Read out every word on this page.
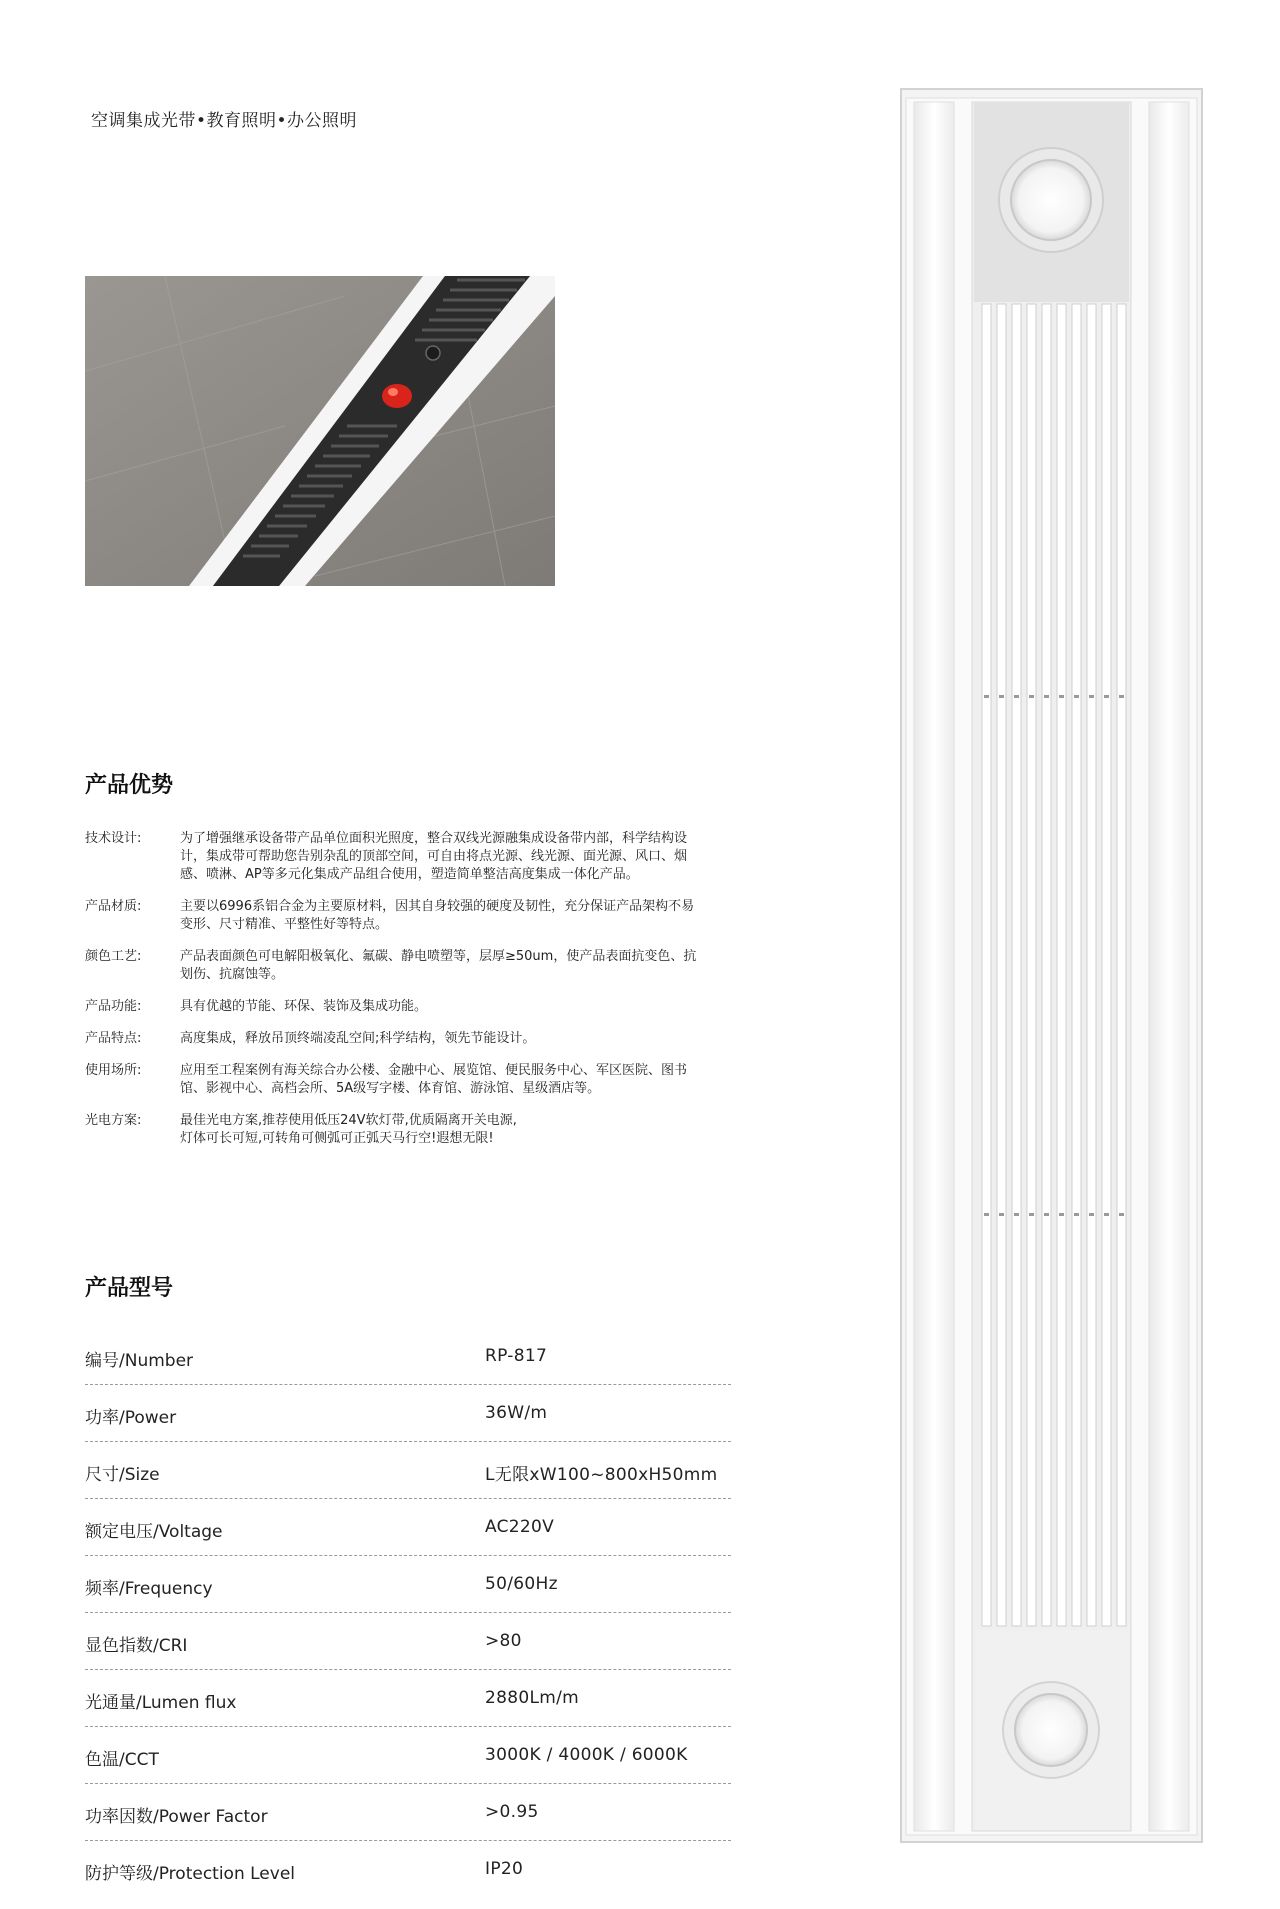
空调集成光带•教育照明•办公照明
产品优势
技术设计:	为了增强继承设备带产品单位面积光照度，整合双线光源融集成设备带内部，科学结构设
计，集成带可帮助您告别杂乱的顶部空间，可自由将点光源、线光源、面光源、风口、烟
感、喷淋、AP等多元化集成产品组合使用，塑造简单整洁高度集成一体化产品。
产品材质:	主要以6996系铝合金为主要原材料，因其自身较强的硬度及韧性，充分保证产品架构不易
变形、尺寸精准、平整性好等特点。
颜色工艺:	产品表面颜色可电解阳极氧化、氟碳、静电喷塑等，层厚≥50um，使产品表面抗变色、抗
划伤、抗腐蚀等。
产品功能:	具有优越的节能、环保、装饰及集成功能。
产品特点:	高度集成，释放吊顶终端凌乱空间;科学结构，领先节能设计。
使用场所:	应用至工程案例有海关综合办公楼、金融中心、展览馆、便民服务中心、军区医院、图书
馆、影视中心、高档会所、5A级写字楼、体育馆、游泳馆、星级酒店等。
光电方案:	最佳光电方案,推荐使用低压24V软灯带,优质隔离开关电源,
灯体可长可短,可转角可侧弧可正弧天马行空!遐想无限!
产品型号
编号/Number	RP-817
功率/Power	36W/m
尺寸/Size	L无限xW100~800xH50mm
额定电压/Voltage	AC220V
频率/Frequency	50/60Hz
显色指数/CRI	>80
光通量/Lumen flux	2880Lm/m
色温/CCT	3000K / 4000K / 6000K
功率因数/Power Factor	>0.95
防护等级/Protection Level	IP20
